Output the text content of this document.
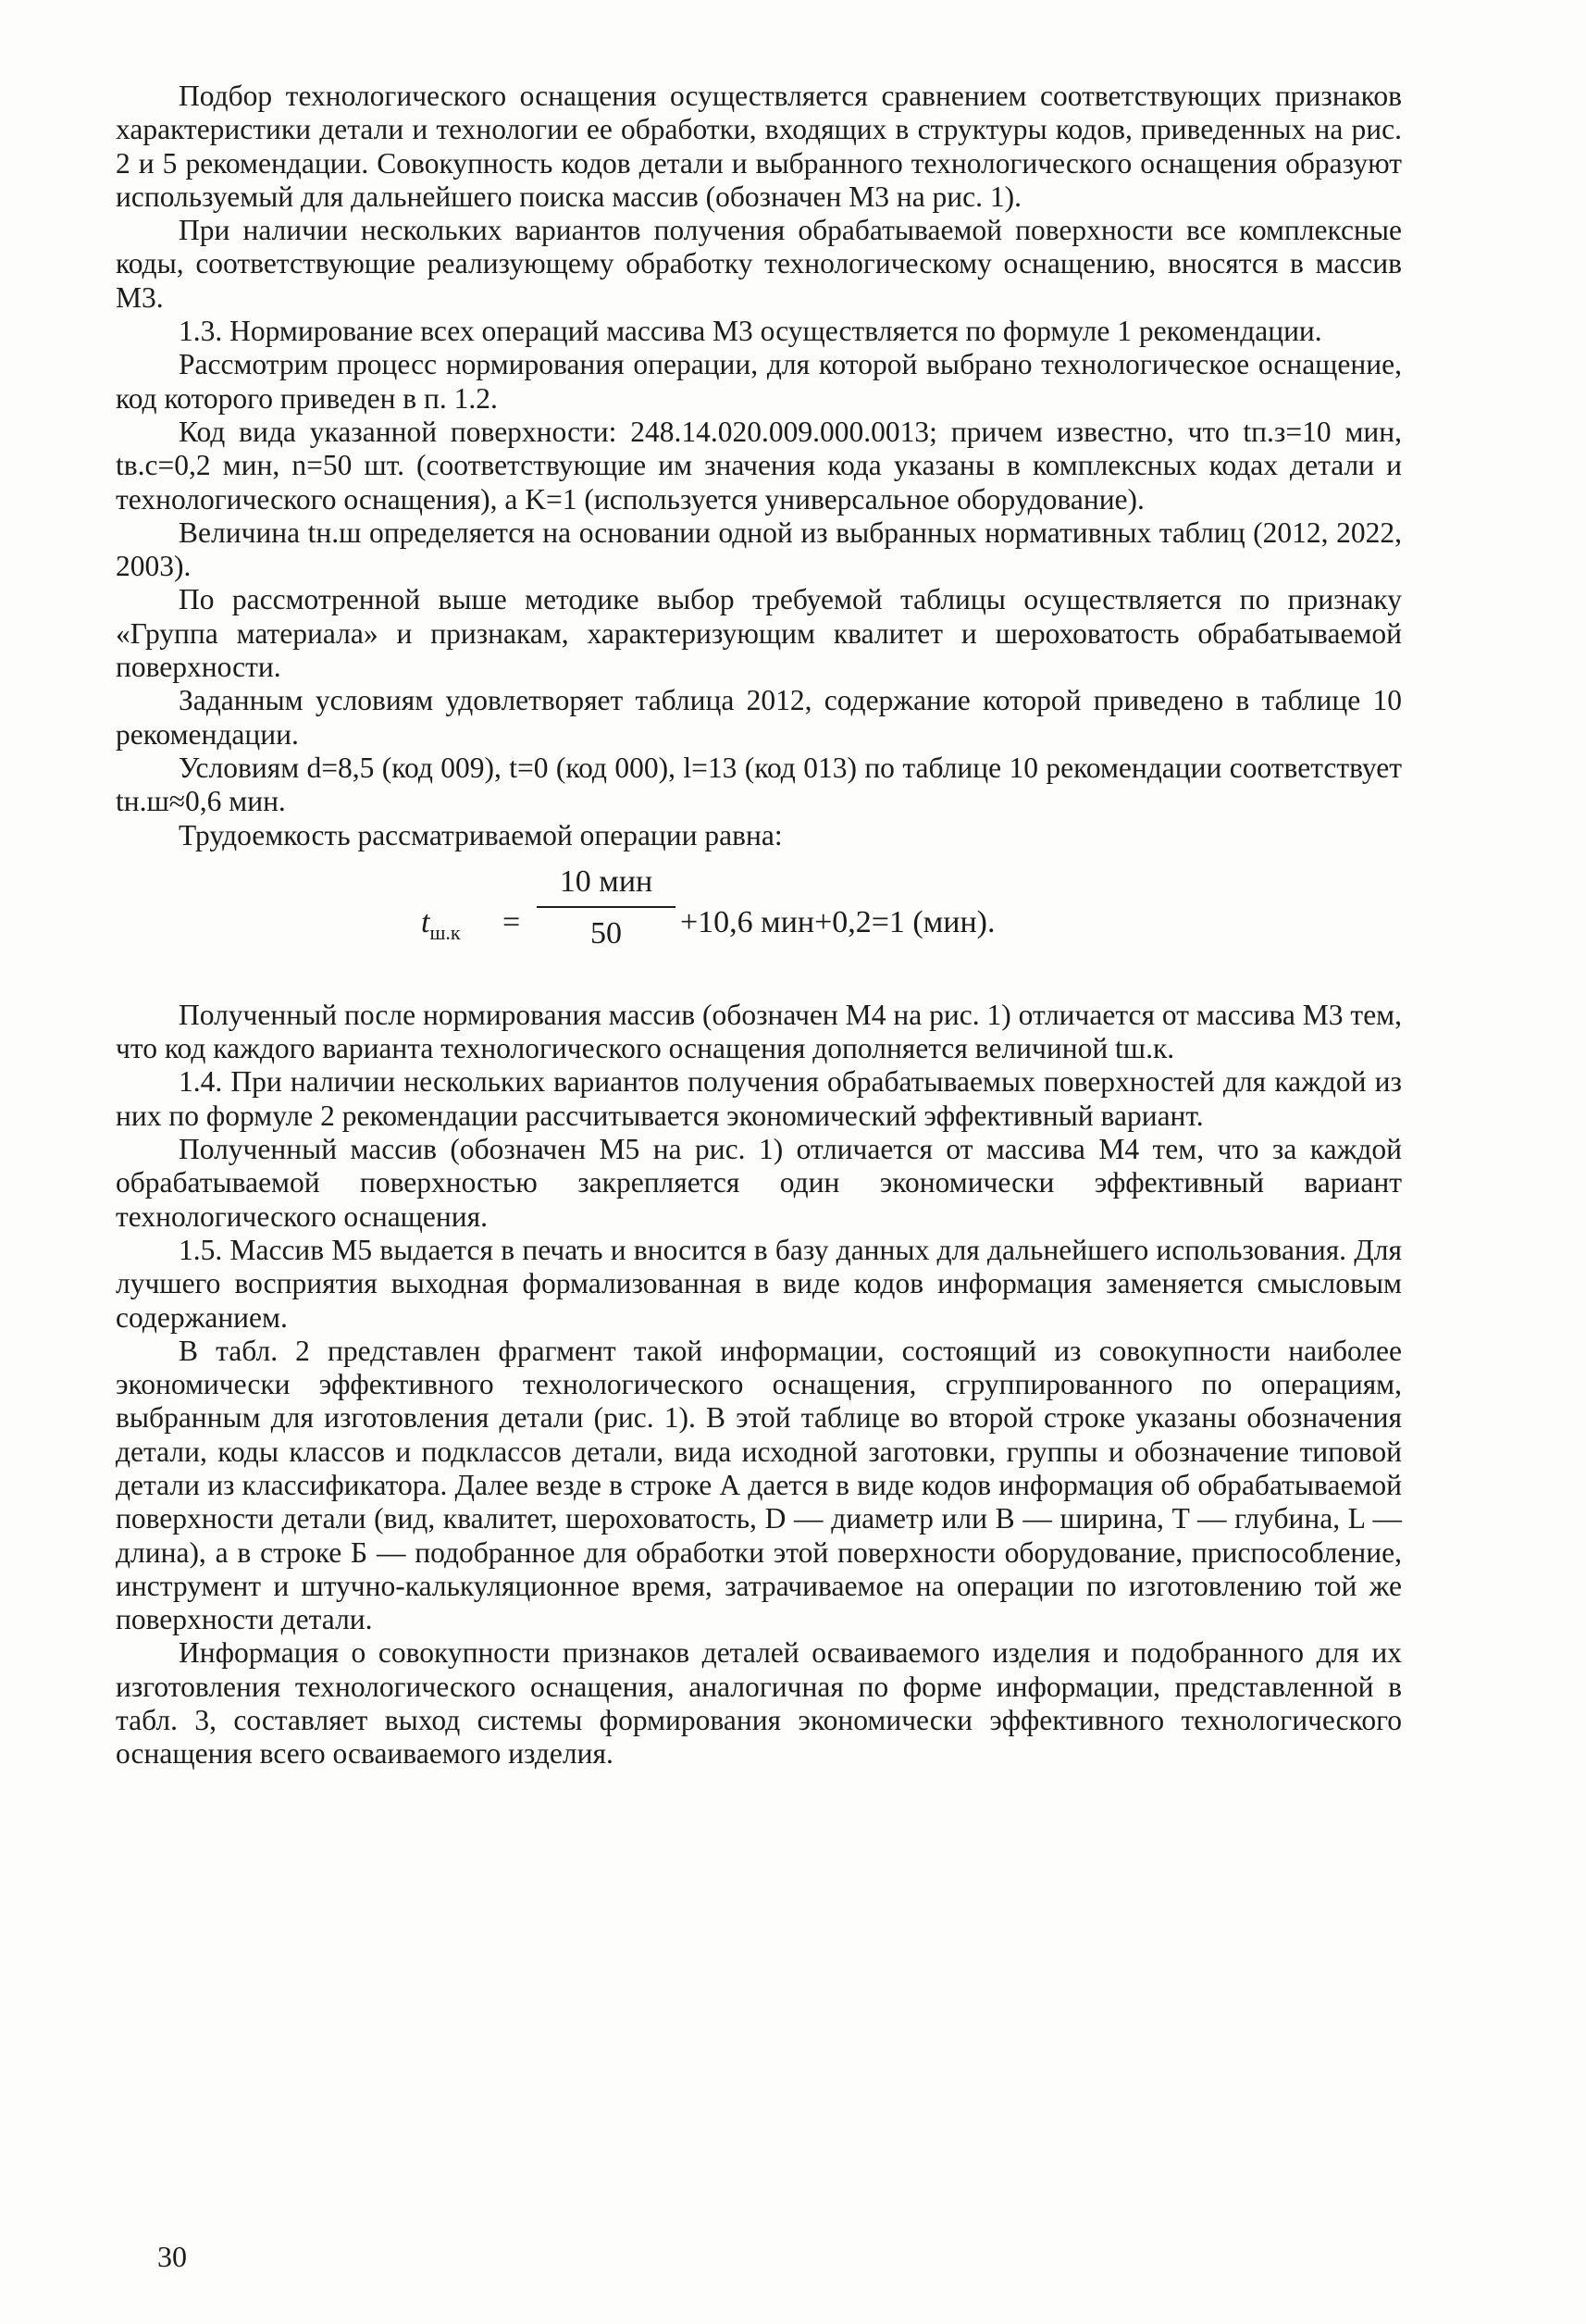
Подбор технологического оснащения осуществляется сравнением соответствующих признаков характеристики детали и технологии ее обработки, входящих в структуры кодов, приведенных на рис. 2 и 5 рекомендации. Совокупность кодов детали и выбранного технологического оснащения образуют используемый для дальнейшего поиска массив (обозначен М3 на рис. 1).

При наличии нескольких вариантов получения обрабатываемой поверхности все комплексные коды, соответствующие реализующему обработку технологическому оснащению, вносятся в массив М3.

1.3. Нормирование всех операций массива М3 осуществляется по формуле 1 рекомендации.

Рассмотрим процесс нормирования операции, для которой выбрано технологическое оснащение, код которого приведен в п. 1.2.

Код вида указанной поверхности: 248.14.020.009.000.0013; причем известно, что tп.з=10 мин, tв.с=0,2 мин, n=50 шт. (соответствующие им значения кода указаны в комплексных кодах детали и технологического оснащения), а K=1 (используется универсальное оборудование).

Величина tн.ш определяется на основании одной из выбранных нормативных таблиц (2012, 2022, 2003).

По рассмотренной выше методике выбор требуемой таблицы осуществляется по признаку «Группа материала» и признакам, характеризующим квалитет и шероховатость обрабатываемой поверхности.

Заданным условиям удовлетворяет таблица 2012, содержание которой приведено в таблице 10 рекомендации.

Условиям d=8,5 (код 009), t=0 (код 000), l=13 (код 013) по таблице 10 рекомендации соответствует tн.ш≈0,6 мин.

Трудоемкость рассматриваемой операции равна:

$t_{ш.к}$ =
10 мин
50	+10,6 мин+0,2=1 (мин).

Полученный после нормирования массив (обозначен М4 на рис. 1) отличается от массива М3 тем, что код каждого варианта технологического оснащения дополняется величиной tш.к.

1.4. При наличии нескольких вариантов получения обрабатываемых поверхностей для каждой из них по формуле 2 рекомендации рассчитывается экономический эффективный вариант.

Полученный массив (обозначен М5 на рис. 1) отличается от массива М4 тем, что за каждой обрабатываемой поверхностью закрепляется один экономически эффективный вариант технологического оснащения.

1.5. Массив М5 выдается в печать и вносится в базу данных для дальнейшего использования. Для лучшего восприятия выходная формализованная в виде кодов информация заменяется смысловым содержанием.

В табл. 2 представлен фрагмент такой информации, состоящий из совокупности наиболее экономически эффективного технологического оснащения, сгруппированного по операциям, выбранным для изготовления детали (рис. 1). В этой таблице во второй строке указаны обозначения детали, коды классов и подклассов детали, вида исходной заготовки, группы и обозначение типовой детали из классификатора. Далее везде в строке А дается в виде кодов информация об обрабатываемой поверхности детали (вид, квалитет, шероховатость, D — диаметр или B — ширина, T — глубина, L — длина), а в строке Б — подобранное для обработки этой поверхности оборудование, приспособление, инструмент и штучно-калькуляционное время, затрачиваемое на операции по изготовлению той же поверхности детали.

Информация о совокупности признаков деталей осваиваемого изделия и подобранного для их изготовления технологического оснащения, аналогичная по форме информации, представленной в табл. 3, составляет выход системы формирования экономически эффективного технологического оснащения всего осваиваемого изделия.

30
